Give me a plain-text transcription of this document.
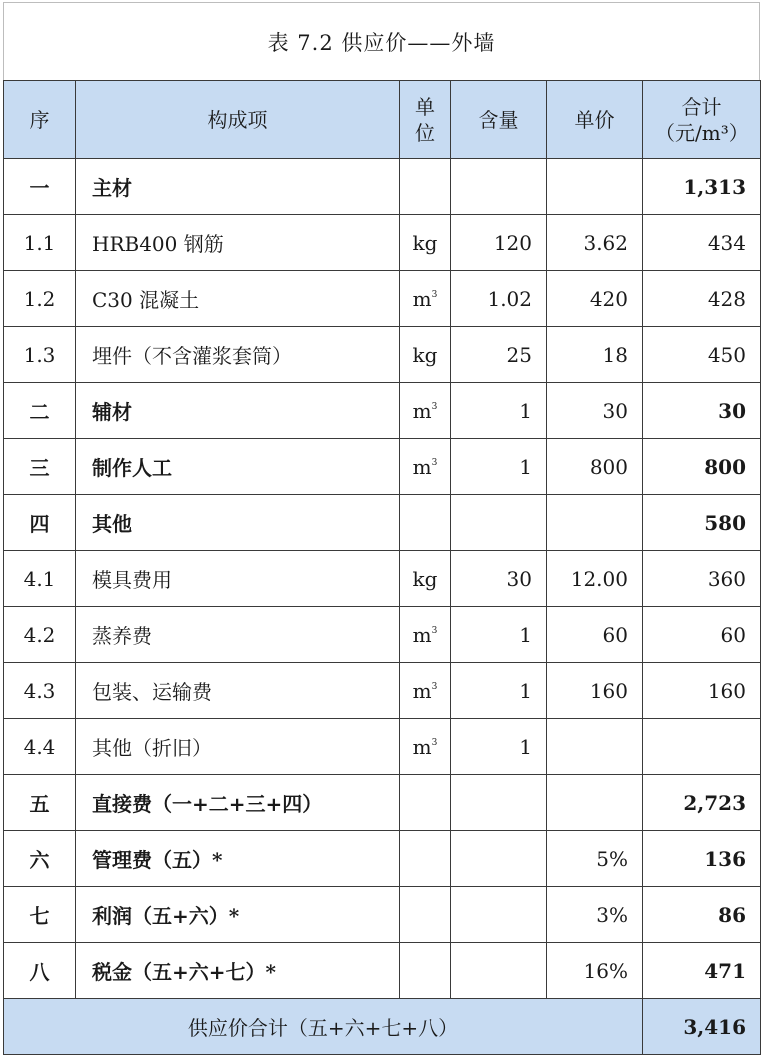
表 7.2 供应价——外墙
序	构成项	单位	含量	单价	合计
（元/m³）

一	主材				1,313
1.1	HRB400 钢筋	kg	120	3.62	434
1.2	C30 混凝土	$m^3$	1.02	420	428
1.3	埋件（不含灌浆套筒）	kg	25	18	450
二	辅材	$m^3$	1	30	30
三	制作人工	$m^3$	1	800	800
四	其他				580
4.1	模具费用	kg	30	12.00	360
4.2	蒸养费	$m^3$	1	60	60
4.3	包装、运输费	$m^3$	1	160	160
4.4	其他（折旧）	$m^3$	1		
五	直接费（一+二+三+四）				2,723
六	管理费（五）*			5%	136
七	利润（五+六）*			3%	86
八	税金（五+六+七）*			16%	471
供应价合计（五+六+七+八）					3,416
